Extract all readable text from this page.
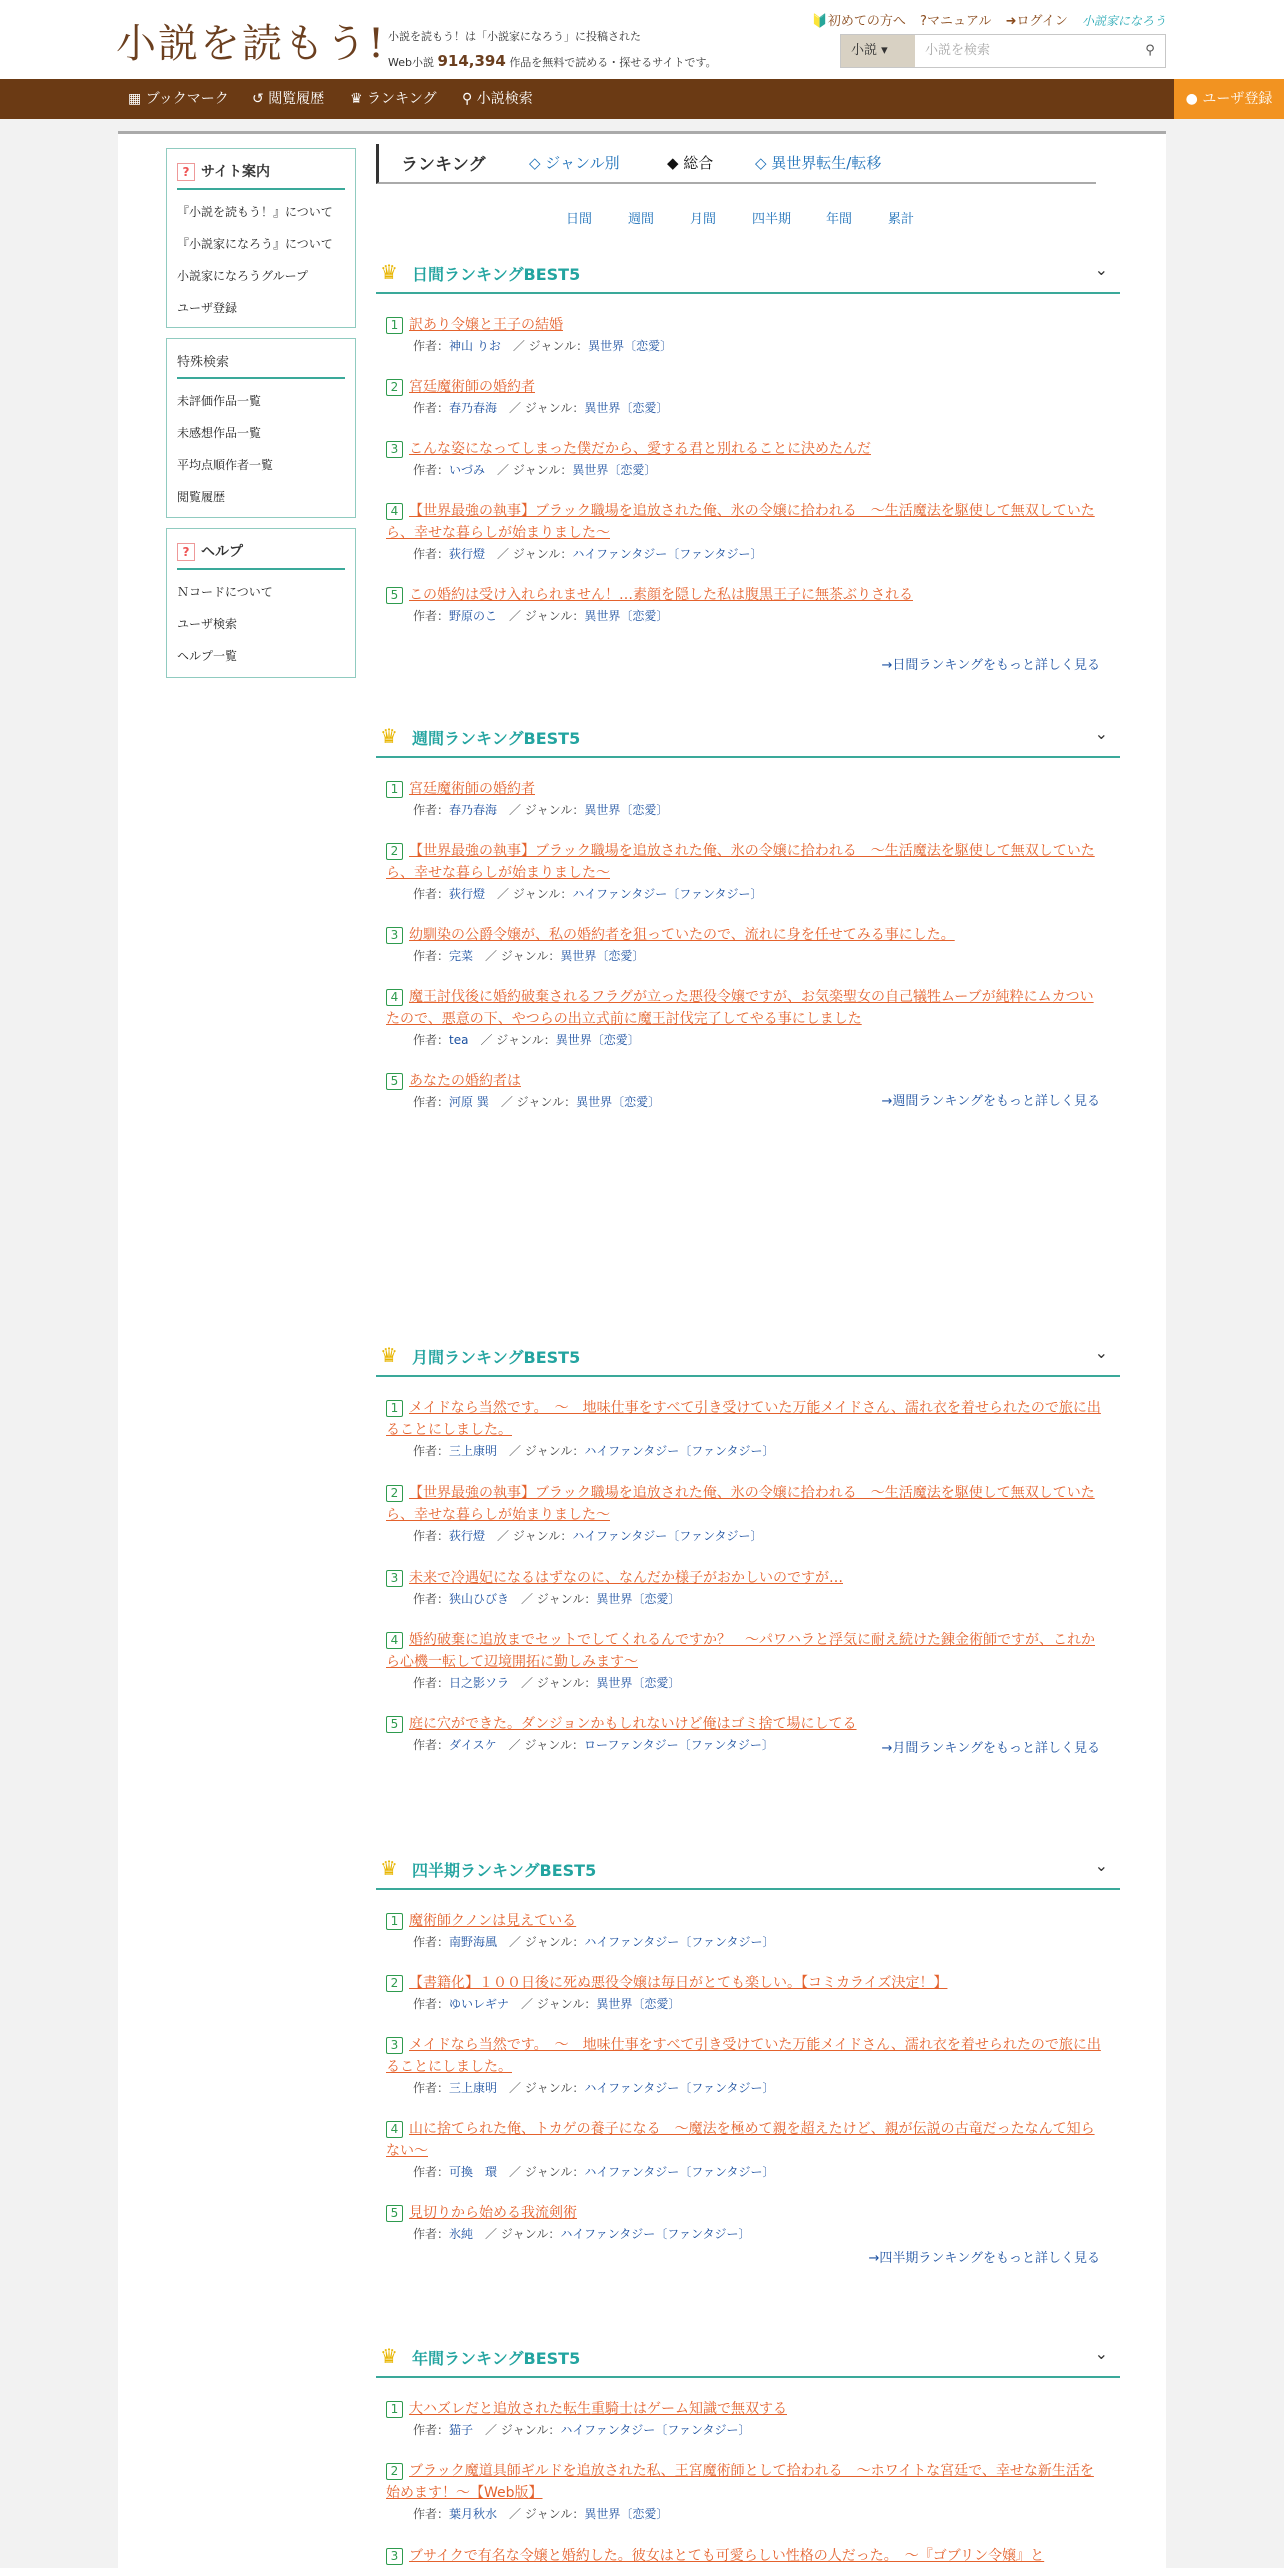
小説を読もう! 小説を読もう！は「小説家になろう」に投稿された
Web小説 914,394 作品を無料で読める・探せるサイトです。
🔰初めての方へ ?マニュアル ➜ログイン 小説家になろう
小説 ▾	小説を検索	⚲
▦ ブックマーク ↺ 閲覧履歴 ♛ ランキング ⚲ 小説検索	● ユーザ登録
? サイト案内
『小説を読もう！』について
『小説家になろう』について
小説家になろうグループ
ユーザ登録
特殊検索
未評価作品一覧
未感想作品一覧
平均点順作者一覧
閲覧履歴
? ヘルプ
Ｎコードについて
ユーザ検索
ヘルプ一覧
ランキング	◇ ジャンル別	◆ 総合	◇ 異世界転生/転移
日間	週間	月間	四半期	年間	累計
♛ 日間ランキングBEST5	⌄
1 訳あり令嬢と王子の結婚
作者：神山 りお　 ／ ジャンル：異世界〔恋愛〕
2 宮廷魔術師の婚約者
作者：春乃春海　 ／ ジャンル：異世界〔恋愛〕
3 こんな姿になってしまった僕だから、愛する君と別れることに決めたんだ
作者：いづみ　 ／ ジャンル：異世界〔恋愛〕
4 【世界最強の執事】ブラック職場を追放された俺、氷の令嬢に拾われる　～生活魔法を駆使して無双していたら、幸せな暮らしが始まりました～
作者：荻行燈　 ／ ジャンル：ハイファンタジー〔ファンタジー〕
5 この婚約は受け入れられません！…素顔を隠した私は腹黒王子に無茶ぶりされる
作者：野原のこ　 ／ ジャンル：異世界〔恋愛〕
→日間ランキングをもっと詳しく見る
♛ 週間ランキングBEST5	⌄
1 宮廷魔術師の婚約者
作者：春乃春海　 ／ ジャンル：異世界〔恋愛〕
2 【世界最強の執事】ブラック職場を追放された俺、氷の令嬢に拾われる　～生活魔法を駆使して無双していたら、幸せな暮らしが始まりました～
作者：荻行燈　 ／ ジャンル：ハイファンタジー〔ファンタジー〕
3 幼馴染の公爵令嬢が、私の婚約者を狙っていたので、流れに身を任せてみる事にした。
作者：完菜　 ／ ジャンル：異世界〔恋愛〕
4 魔王討伐後に婚約破棄されるフラグが立った悪役令嬢ですが、お気楽聖女の自己犠牲ムーブが純粋にムカついたので、悪意の下、やつらの出立式前に魔王討伐完了してやる事にしました
作者：tea　 ／ ジャンル：異世界〔恋愛〕
5 あなたの婚約者は
作者：河原 巽　 ／ ジャンル：異世界〔恋愛〕	→週間ランキングをもっと詳しく見る
♛ 月間ランキングBEST5	⌄
1 メイドなら当然です。　～　地味仕事をすべて引き受けていた万能メイドさん、濡れ衣を着せられたので旅に出ることにしました。
作者：三上康明　 ／ ジャンル：ハイファンタジー〔ファンタジー〕
2 【世界最強の執事】ブラック職場を追放された俺、氷の令嬢に拾われる　～生活魔法を駆使して無双していたら、幸せな暮らしが始まりました～
作者：荻行燈　 ／ ジャンル：ハイファンタジー〔ファンタジー〕
3 未来で冷遇妃になるはずなのに、なんだか様子がおかしいのですが…
作者：狭山ひびき　 ／ ジャンル：異世界〔恋愛〕
4 婚約破棄に追放までセットでしてくれるんですか？　～パワハラと浮気に耐え続けた錬金術師ですが、これから心機一転して辺境開拓に勤しみます～
作者：日之影ソラ　 ／ ジャンル：異世界〔恋愛〕
5 庭に穴ができた。ダンジョンかもしれないけど俺はゴミ捨て場にしてる
作者：ダイスケ　 ／ ジャンル：ローファンタジー〔ファンタジー〕	→月間ランキングをもっと詳しく見る
♛ 四半期ランキングBEST5	⌄
1 魔術師クノンは見えている
作者：南野海風　 ／ ジャンル：ハイファンタジー〔ファンタジー〕
2 【書籍化】１００日後に死ぬ悪役令嬢は毎日がとても楽しい。【コミカライズ決定！】
作者：ゆいレギナ　 ／ ジャンル：異世界〔恋愛〕
3 メイドなら当然です。　～　地味仕事をすべて引き受けていた万能メイドさん、濡れ衣を着せられたので旅に出ることにしました。
作者：三上康明　 ／ ジャンル：ハイファンタジー〔ファンタジー〕
4 山に捨てられた俺、トカゲの養子になる　～魔法を極めて親を超えたけど、親が伝説の古竜だったなんて知らない～
作者：可換　環　 ／ ジャンル：ハイファンタジー〔ファンタジー〕
5 見切りから始める我流剣術
作者：氷純　 ／ ジャンル：ハイファンタジー〔ファンタジー〕
→四半期ランキングをもっと詳しく見る
♛ 年間ランキングBEST5	⌄
1 大ハズレだと追放された転生重騎士はゲーム知識で無双する
作者：猫子　 ／ ジャンル：ハイファンタジー〔ファンタジー〕
2 ブラック魔道具師ギルドを追放された私、王宮魔術師として拾われる　～ホワイトな宮廷で、幸せな新生活を始めます！～【Web版】
作者：葉月秋水　 ／ ジャンル：異世界〔恋愛〕
3 ブサイクで有名な令嬢と婚約した。彼女はとても可愛らしい性格の人だった。　～『ゴブリン令嬢』と
